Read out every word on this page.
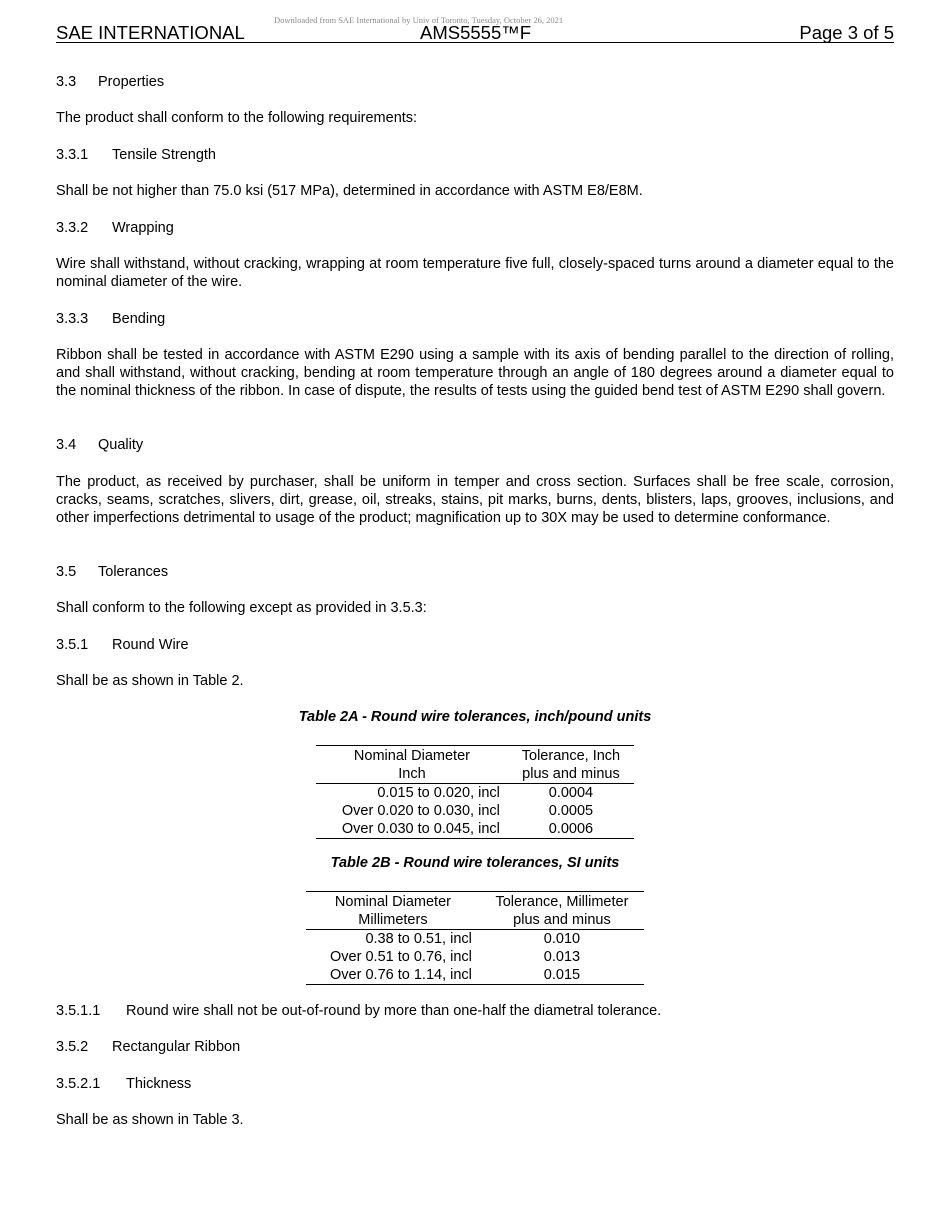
Downloaded from SAE International by Univ of Toronto, Tuesday, October 26, 2021
SAE INTERNATIONAL	AMS5555™F	Page 3 of 5
3.3 Properties
The product shall conform to the following requirements:
3.3.1 Tensile Strength
Shall be not higher than 75.0 ksi (517 MPa), determined in accordance with ASTM E8/E8M.
3.3.2 Wrapping
Wire shall withstand, without cracking, wrapping at room temperature five full, closely-spaced turns around a diameter equal to the nominal diameter of the wire.
3.3.3 Bending
Ribbon shall be tested in accordance with ASTM E290 using a sample with its axis of bending parallel to the direction of rolling, and shall withstand, without cracking, bending at room temperature through an angle of 180 degrees around a diameter equal to the nominal thickness of the ribbon. In case of dispute, the results of tests using the guided bend test of ASTM E290 shall govern.
3.4 Quality
The product, as received by purchaser, shall be uniform in temper and cross section. Surfaces shall be free scale, corrosion, cracks, seams, scratches, slivers, dirt, grease, oil, streaks, stains, pit marks, burns, dents, blisters, laps, grooves, inclusions, and other imperfections detrimental to usage of the product; magnification up to 30X may be used to determine conformance.
3.5 Tolerances
Shall conform to the following except as provided in 3.5.3:
3.5.1 Round Wire
Shall be as shown in Table 2.
Table 2A - Round wire tolerances, inch/pound units
Nominal Diameter	Tolerance, Inch
Inch	plus and minus
0.015 to 0.020, incl	0.0004
Over 0.020 to 0.030, incl	0.0005
Over 0.030 to 0.045, incl	0.0006
Table 2B - Round wire tolerances, SI units
Nominal Diameter	Tolerance, Millimeter
Millimeters	plus and minus
0.38 to 0.51, incl	0.010
Over 0.51 to 0.76, incl	0.013
Over 0.76 to 1.14, incl	0.015
3.5.1.1 Round wire shall not be out-of-round by more than one-half the diametral tolerance.
3.5.2 Rectangular Ribbon
3.5.2.1 Thickness
Shall be as shown in Table 3.
